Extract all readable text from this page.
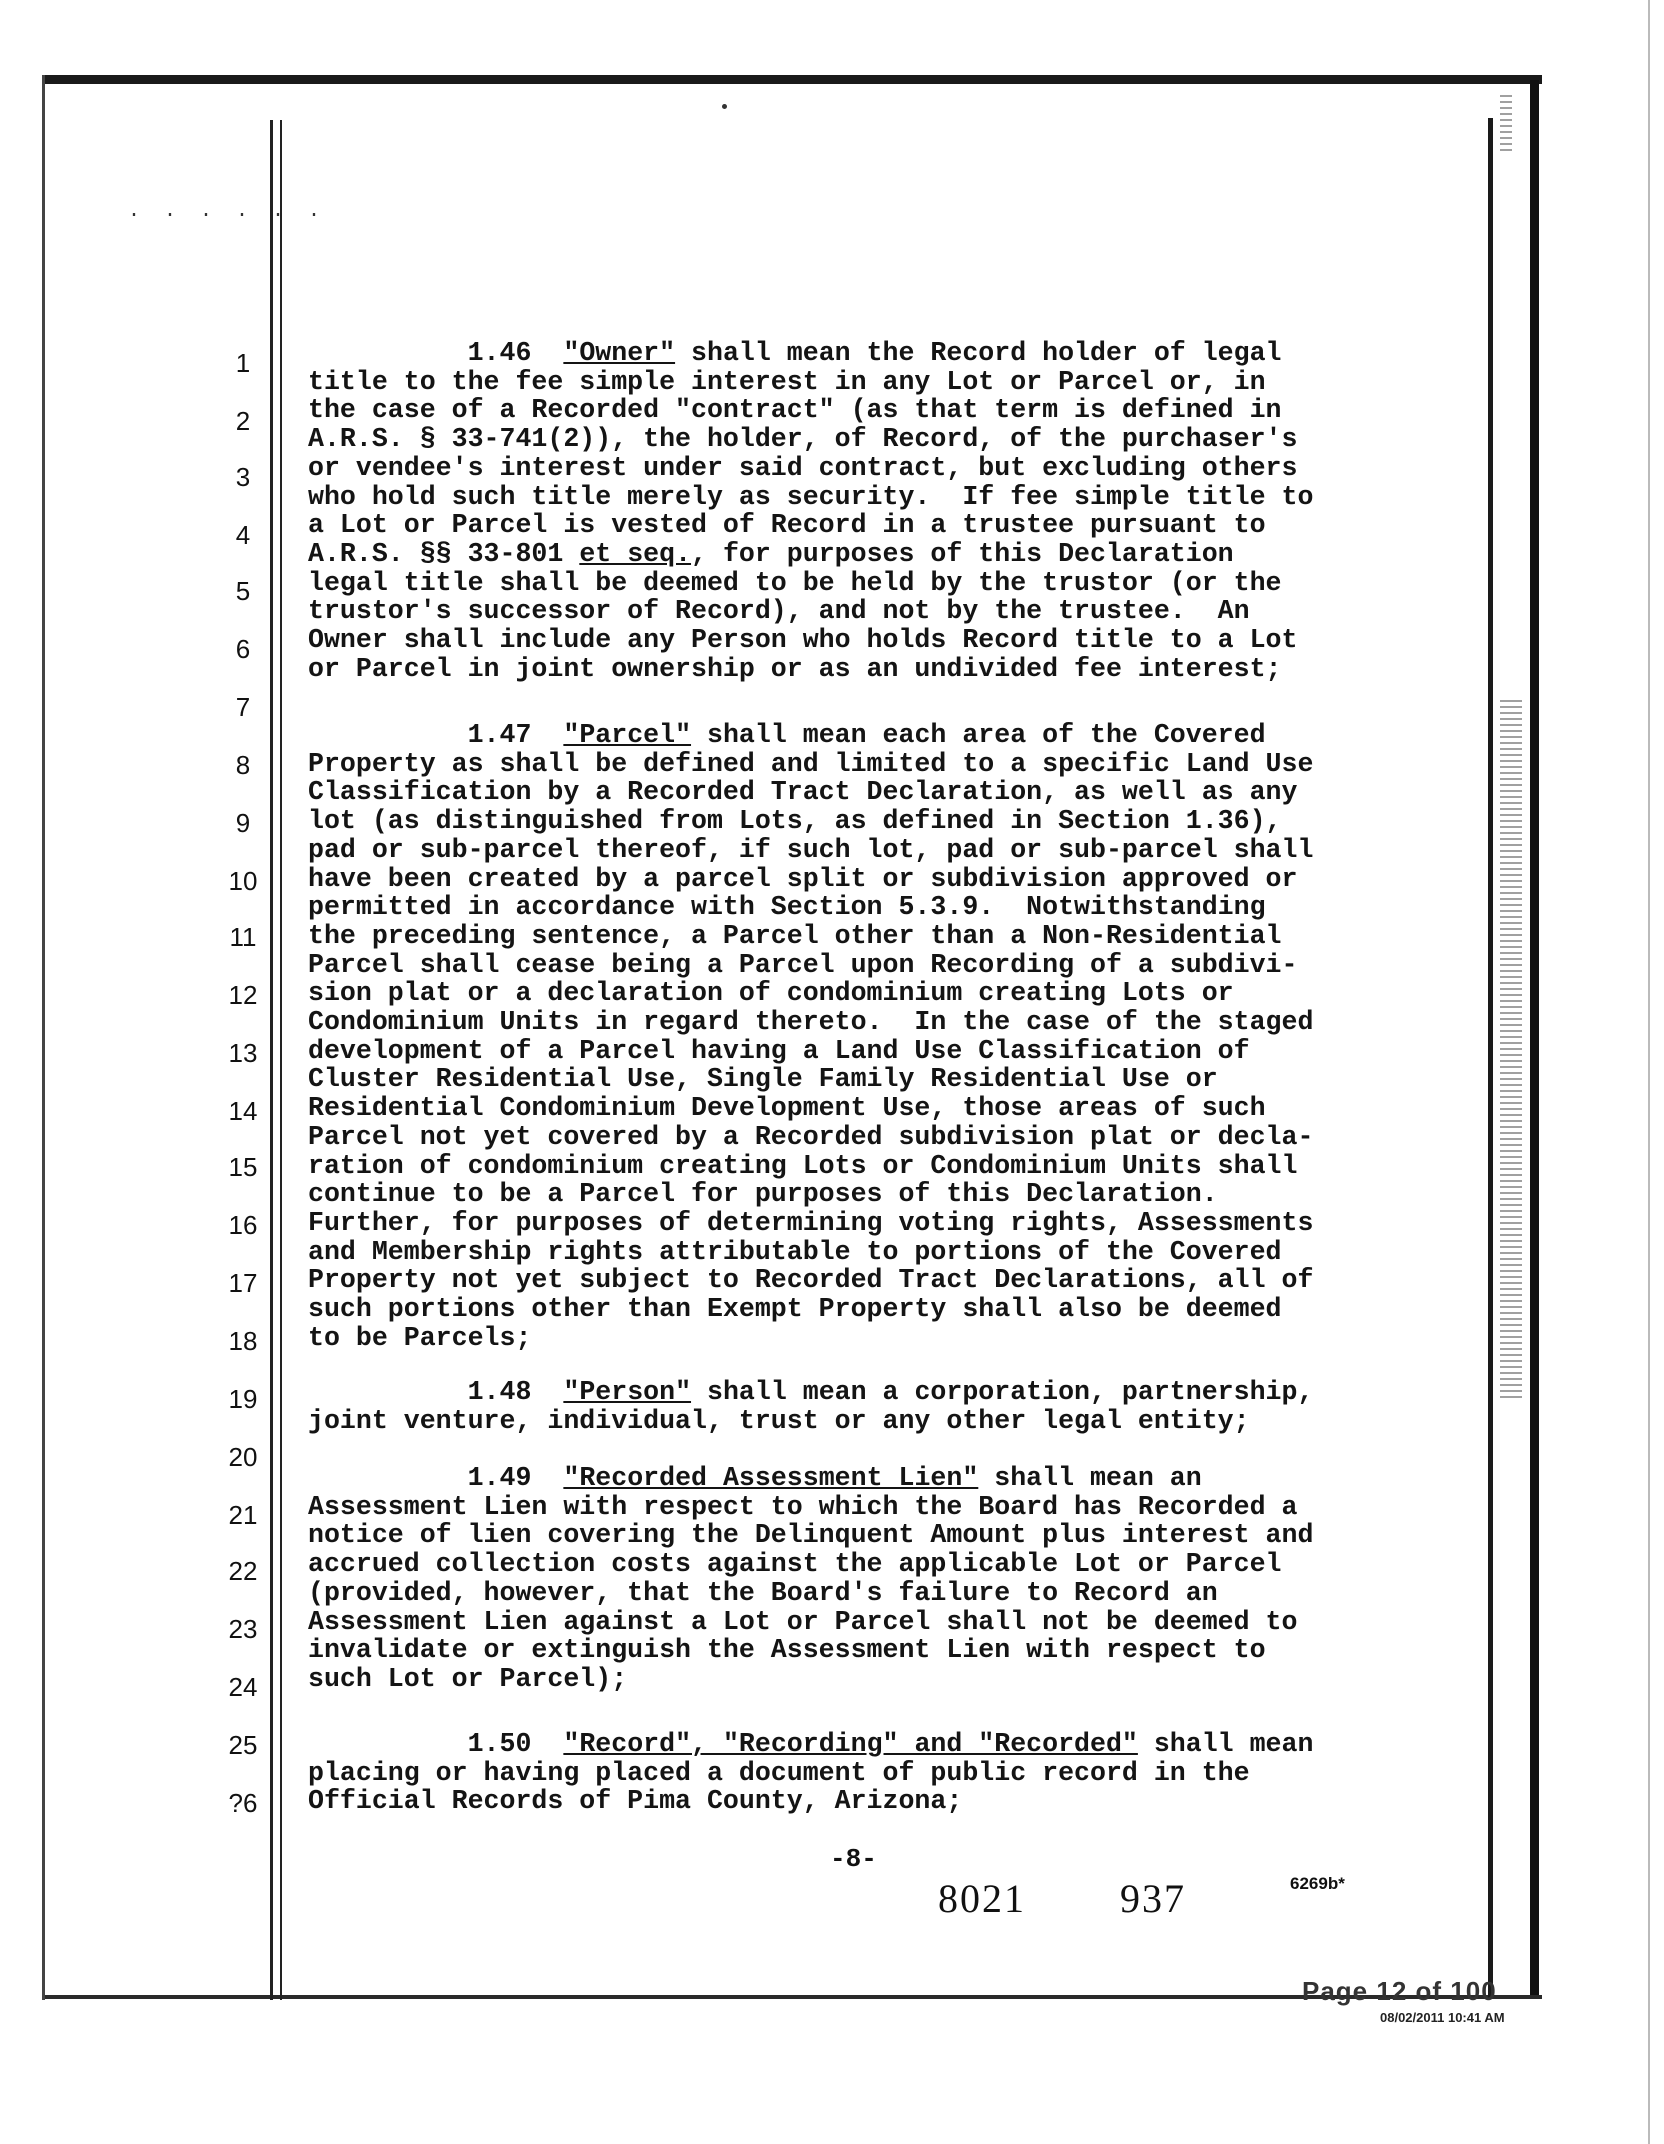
. . . . . .
1
2
3
4
5
6
7
8
9
10
11
12
13
14
15
16
17
18
19
20
21
22
23
24
25
?6
1.46 "Owner" shall mean the Record holder of legal
title to the fee simple interest in any Lot or Parcel or, in
the case of a Recorded "contract" (as that term is defined in
A.R.S. § 33-741(2)), the holder, of Record, of the purchaser's
or vendee's interest under said contract, but excluding others
who hold such title merely as security.  If fee simple title to
a Lot or Parcel is vested of Record in a trustee pursuant to
A.R.S. §§ 33-801 et seq., for purposes of this Declaration
legal title shall be deemed to be held by the trustor (or the
trustor's successor of Record), and not by the trustee.  An
Owner shall include any Person who holds Record title to a Lot
or Parcel in joint ownership or as an undivided fee interest;
1.47 "Parcel" shall mean each area of the Covered
Property as shall be defined and limited to a specific Land Use
Classification by a Recorded Tract Declaration, as well as any
lot (as distinguished from Lots, as defined in Section 1.36),
pad or sub-parcel thereof, if such lot, pad or sub-parcel shall
have been created by a parcel split or subdivision approved or
permitted in accordance with Section 5.3.9.  Notwithstanding
the preceding sentence, a Parcel other than a Non-Residential
Parcel shall cease being a Parcel upon Recording of a subdivi-
sion plat or a declaration of condominium creating Lots or
Condominium Units in regard thereto.  In the case of the staged
development of a Parcel having a Land Use Classification of
Cluster Residential Use, Single Family Residential Use or
Residential Condominium Development Use, those areas of such
Parcel not yet covered by a Recorded subdivision plat or decla-
ration of condominium creating Lots or Condominium Units shall
continue to be a Parcel for purposes of this Declaration.
Further, for purposes of determining voting rights, Assessments
and Membership rights attributable to portions of the Covered
Property not yet subject to Recorded Tract Declarations, all of
such portions other than Exempt Property shall also be deemed
to be Parcels;
1.48 "Person" shall mean a corporation, partnership,
joint venture, individual, trust or any other legal entity;
1.49 "Recorded Assessment Lien" shall mean an
Assessment Lien with respect to which the Board has Recorded a
notice of lien covering the Delinquent Amount plus interest and
accrued collection costs against the applicable Lot or Parcel
(provided, however, that the Board's failure to Record an
Assessment Lien against a Lot or Parcel shall not be deemed to
invalidate or extinguish the Assessment Lien with respect to
such Lot or Parcel);
1.50 "Record", "Recording" and "Recorded" shall mean
placing or having placed a document of public record in the
Official Records of Pima County, Arizona;
-8-
8021 937	6269b*
Page 12 of 100
08/02/2011 10:41 AM
